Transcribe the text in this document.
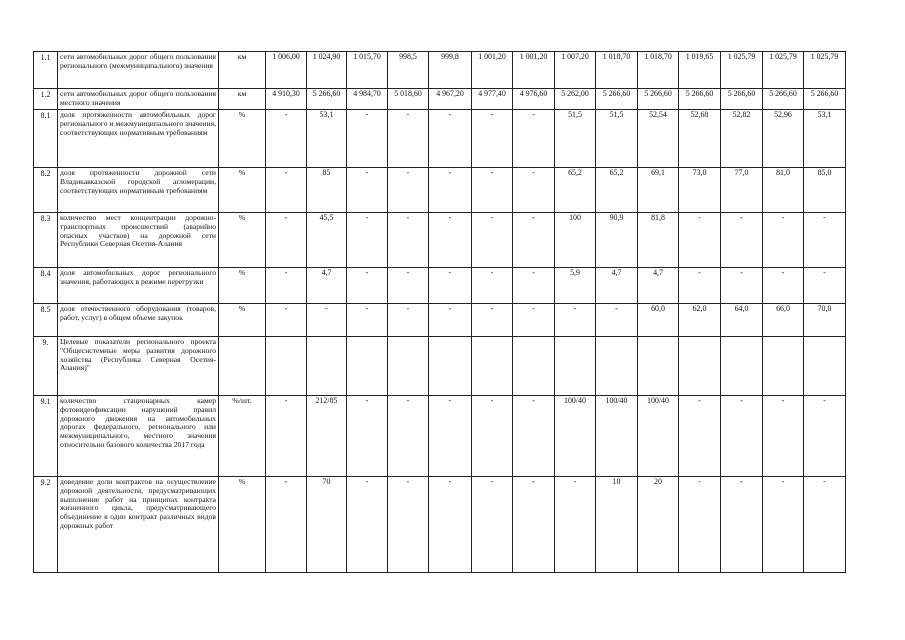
1.1	сети автомобильных дорог общего пользования регионального (межмуниципального) значения	км	1 006,00	1 024,90	1 015,70	998,5	999,8	1 001,20	1 001,20	1 007,20	1 018,70	1 018,70	1 019,65	1 025,79	1 025,79	1 025,79
1.2	сети автомобильных дорог общего пользования местного значения	км	4 910,30	5 266,60	4 984,70	5 018,60	4 967,20	4 977,40	4 976,60	5 262,00	5 266,60	5 266,60	5 266,60	5 266,60	5 266,60	5 266,60
8.1	доля протяженности автомобильных дорог регионального и межмуниципального значения, соответствующих нормативным требованиям	%	-	53,1	-	-	-	-	-	51,5	51,5	52,54	52,68	52,82	52,96	53,1
8.2	доля протяженности дорожной сети Владикавказской городской агломерации, соответствующих нормативным требованиям	%	-	85	-	-	-	-	-	65,2	65,2	69,1	73,0	77,0	81,0	85,0
8.3	количество мест концентрации дорожно-транспортных происшествий (аварийно опасных участков) на дорожной сети Республики Северная Осетия-Алания	%	-	45,5	-	-	-	-	-	100	90,9	81,8	-	-	-	-
8.4	доля автомобильных дорог регионального значения, работающих в режиме перегрузки	%	-	4,7	-	-	-	-	-	5,9	4,7	4,7	-	-	-	-
8.5	доля отечественного оборудования (товаров, работ, услуг) в общем объеме закупок	%	-	-	-	-	-	-	-	-	-	60,0	62,0	64,0	66,0	70,0
9.	Целевые показатели регионального проекта "Общесистемные меры развития дорожного хозяйства (Республика Северная Осетия-Алания)"															
9.1	количество стационарных камер фотовидеофиксации нарушений правил дорожного движения на автомобильных дорогах федерального, регионального или межмуниципального, местного значения относительно базового количества 2017 года	%/шт.	-	212/85	-	-	-	-	-	100/40	100/40	100/40	-	-	-	-
9.2	доведение доли контрактов на осуществление дорожной деятельности, предусматривающих выполнение работ на принципах контракта жизненного цикла, предусматривающего объединение в один контракт различных видов дорожных работ	%	-	70	-	-	-	-	-	-	10	20	-	-	-	-
